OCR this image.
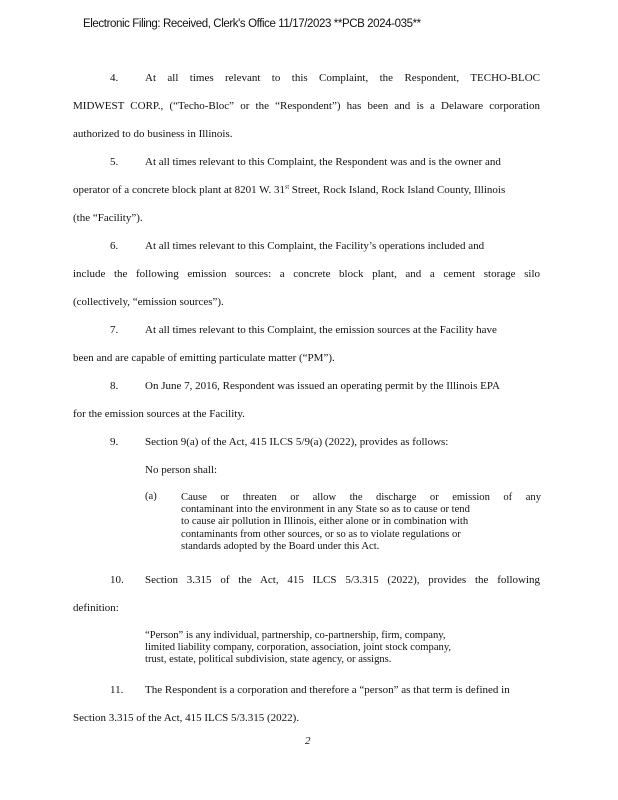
Electronic Filing: Received, Clerk's Office 11/17/2023 **PCB 2024-035**
4. At all times relevant to this Complaint, the Respondent, TECHO-BLOC
MIDWEST CORP., (“Techo-Bloc” or the “Respondent”) has been and is a Delaware corporation
authorized to do business in Illinois.
5. At all times relevant to this Complaint, the Respondent was and is the owner and
operator of a concrete block plant at 8201 W. 31st Street, Rock Island, Rock Island County, Illinois
(the “Facility”).
6. At all times relevant to this Complaint, the Facility’s operations included and
include the following emission sources: a concrete block plant, and a cement storage silo
(collectively, “emission sources”).
7. At all times relevant to this Complaint, the emission sources at the Facility have
been and are capable of emitting particulate matter (“PM”).
8. On June 7, 2016, Respondent was issued an operating permit by the Illinois EPA
for the emission sources at the Facility.
9. Section 9(a) of the Act, 415 ILCS 5/9(a) (2022), provides as follows:
No person shall:
(a) Cause or threaten or allow the discharge or emission of any
contaminant into the environment in any State so as to cause or tend
to cause air pollution in Illinois, either alone or in combination with
contaminants from other sources, or so as to violate regulations or
standards adopted by the Board under this Act.
10. Section 3.315 of the Act, 415 ILCS 5/3.315 (2022), provides the following
definition:
“Person” is any individual, partnership, co-partnership, firm, company,
limited liability company, corporation, association, joint stock company,
trust, estate, political subdivision, state agency, or assigns.
11. The Respondent is a corporation and therefore a “person” as that term is defined in
Section 3.315 of the Act, 415 ILCS 5/3.315 (2022).
2
